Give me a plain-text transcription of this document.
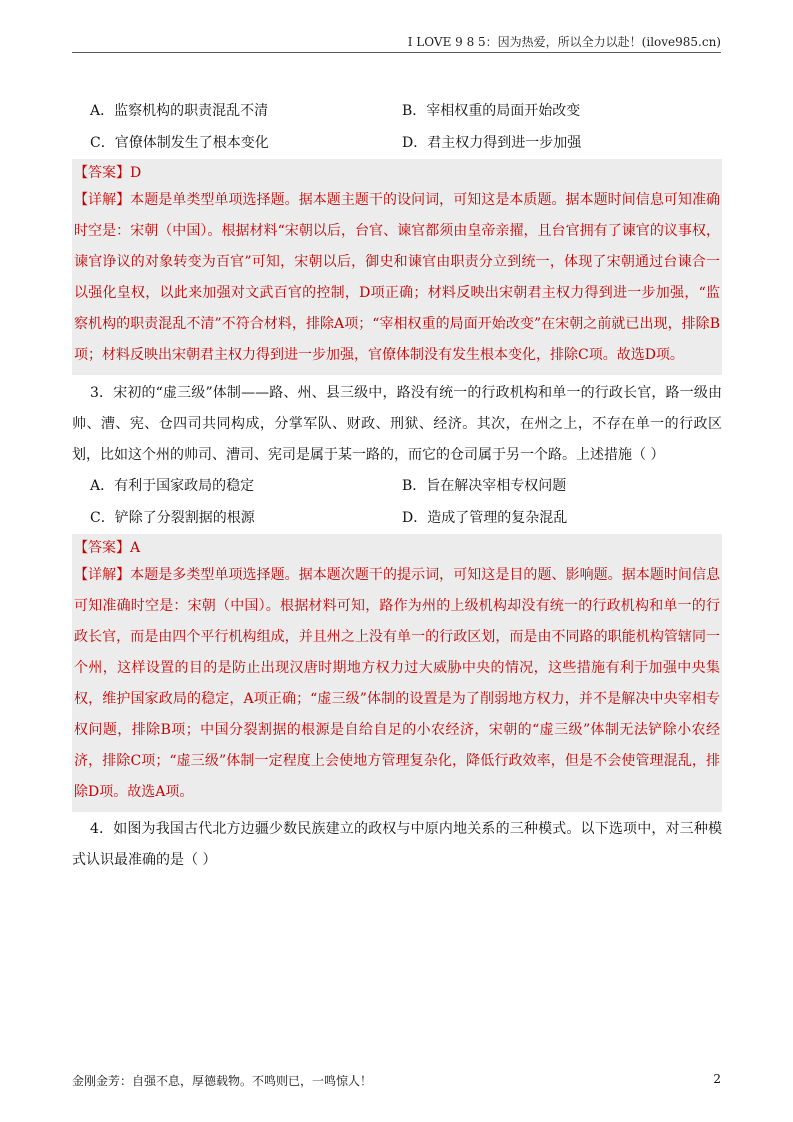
I LOVE 9 8 5：因为热爱，所以全力以赴！(ilove985.cn)
A．监察机构的职责混乱不清	B．宰相权重的局面开始改变
C．官僚体制发生了根本变化	D．君主权力得到进一步加强
【答案】D
【详解】本题是单类型单项选择题。据本题主题干的设问词，可知这是本质题。据本题时间信息可知准确时空是：宋朝（中国）。根据材料“宋朝以后，台官、谏官都须由皇帝亲擢，且台官拥有了谏官的议事权，谏官诤议的对象转变为百官”可知，宋朝以后，御史和谏官由职责分立到统一，体现了宋朝通过台谏合一以强化皇权，以此来加强对文武百官的控制，D项正确；材料反映出宋朝君主权力得到进一步加强，“监察机构的职责混乱不清”不符合材料，排除A项；“宰相权重的局面开始改变”在宋朝之前就已出现，排除B项；材料反映出宋朝君主权力得到进一步加强，官僚体制没有发生根本变化，排除C项。故选D项。
3．宋初的“虚三级”体制——路、州、县三级中，路没有统一的行政机构和单一的行政长官，路一级由帅、漕、宪、仓四司共同构成，分掌军队、财政、刑狱、经济。其次，在州之上，不存在单一的行政区划，比如这个州的帅司、漕司、宪司是属于某一路的，而它的仓司属于另一个路。上述措施（ ）
A．有利于国家政局的稳定	B．旨在解决宰相专权问题
C．铲除了分裂割据的根源	D．造成了管理的复杂混乱
【答案】A
【详解】本题是多类型单项选择题。据本题次题干的提示词，可知这是目的题、影响题。据本题时间信息可知准确时空是：宋朝（中国）。根据材料可知，路作为州的上级机构却没有统一的行政机构和单一的行政长官，而是由四个平行机构组成，并且州之上没有单一的行政区划，而是由不同路的职能机构管辖同一个州，这样设置的目的是防止出现汉唐时期地方权力过大威胁中央的情况，这些措施有利于加强中央集权，维护国家政局的稳定，A项正确；“虚三级”体制的设置是为了削弱地方权力，并不是解决中央宰相专权问题，排除B项；中国分裂割据的根源是自给自足的小农经济，宋朝的“虚三级”体制无法铲除小农经济，排除C项；“虚三级”体制一定程度上会使地方管理复杂化，降低行政效率，但是不会使管理混乱，排除D项。故选A项。
4．如图为我国古代北方边疆少数民族建立的政权与中原内地关系的三种模式。以下选项中，对三种模式认识最准确的是（ ）
金刚金芳：自强不息，厚德载物。不鸣则已，一鸣惊人！	2
